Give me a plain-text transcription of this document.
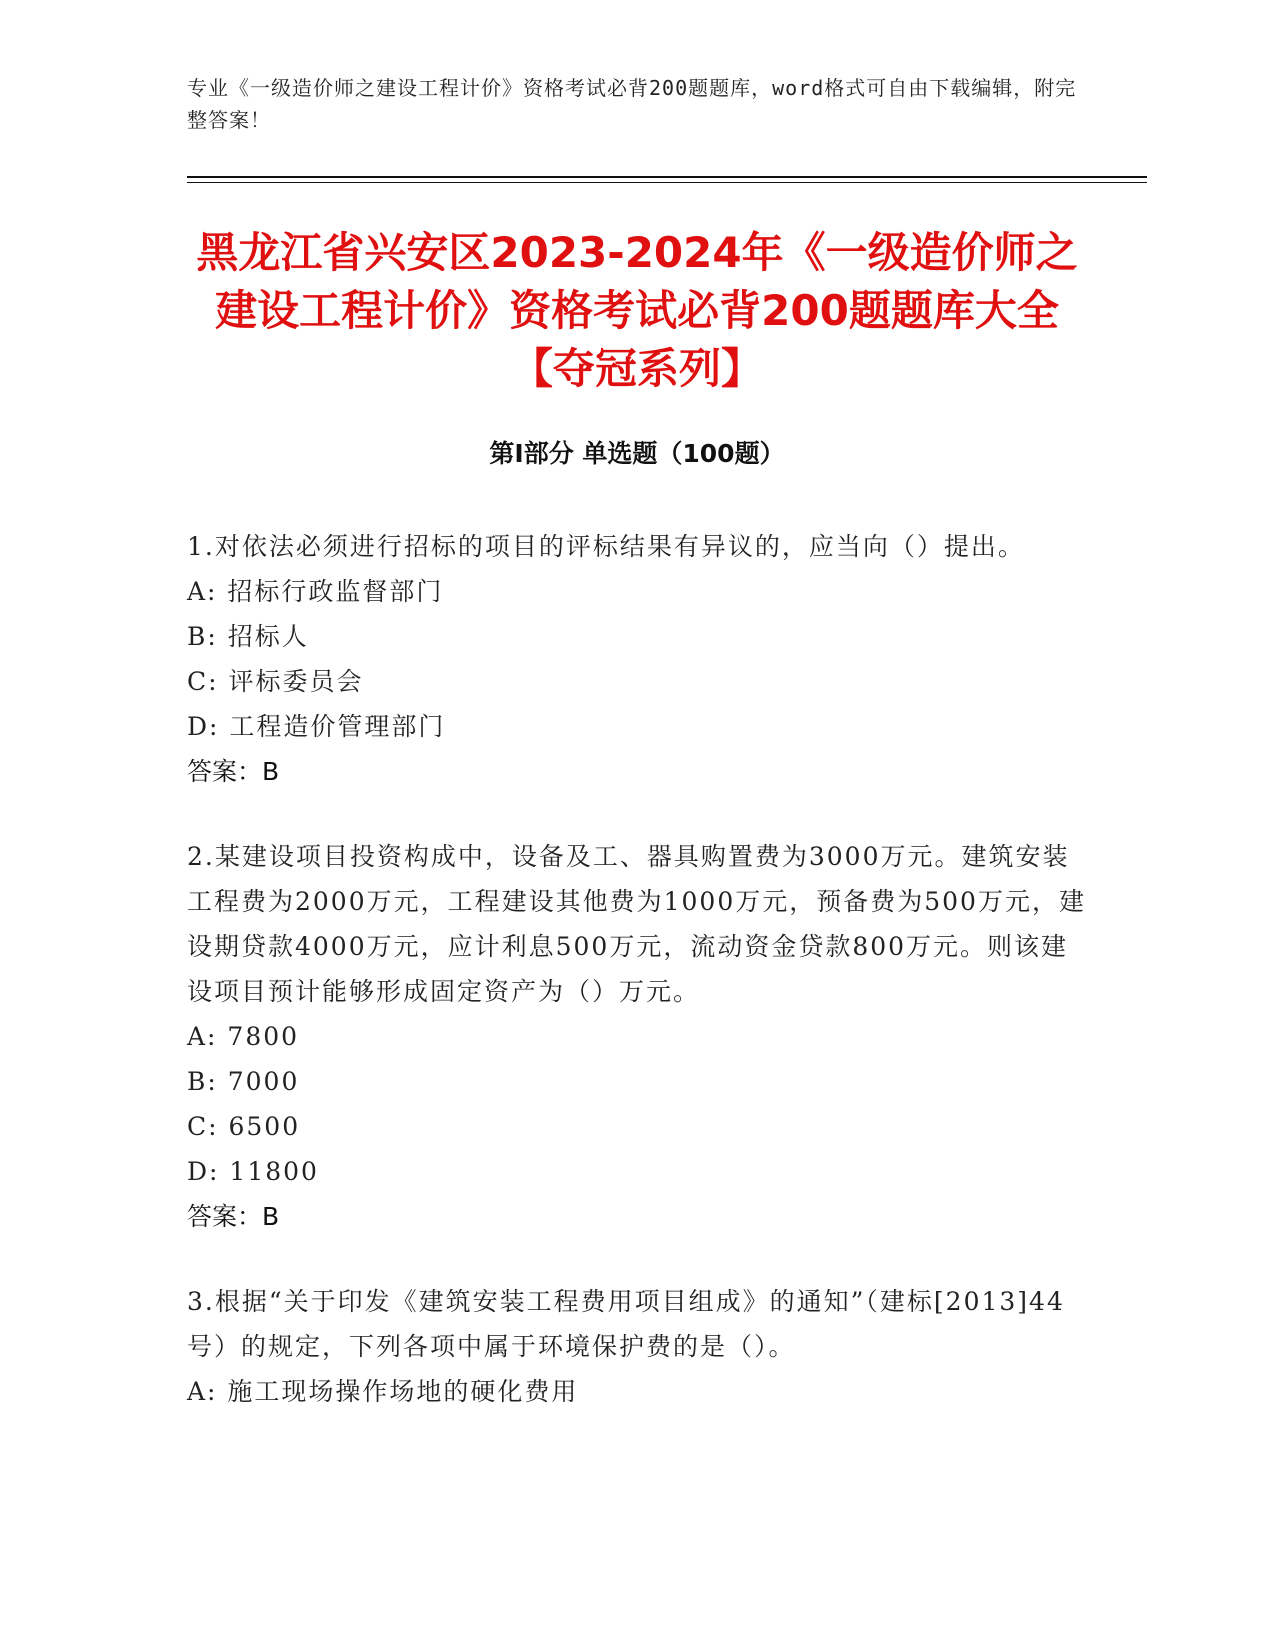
专业《一级造价师之建设工程计价》资格考试必背200题题库，word格式可自由下载编辑，附完整答案！
黑龙江省兴安区2023-2024年《一级造价师之建设工程计价》资格考试必背200题题库大全【夺冠系列】
第I部分 单选题（100题）
1.对依法必须进行招标的项目的评标结果有异议的，应当向（）提出。
A: 招标行政监督部门
B: 招标人
C: 评标委员会
D: 工程造价管理部门
答案：B
2.某建设项目投资构成中，设备及工、器具购置费为3000万元。建筑安装工程费为2000万元，工程建设其他费为1000万元，预备费为500万元，建设期贷款4000万元，应计利息500万元，流动资金贷款800万元。则该建设项目预计能够形成固定资产为（）万元。
A: 7800
B: 7000
C: 6500
D: 11800
答案：B
3.根据“关于印发《建筑安装工程费用项目组成》的通知”（建标[2013]44号）的规定，下列各项中属于环境保护费的是（）。
A: 施工现场操作场地的硬化费用
